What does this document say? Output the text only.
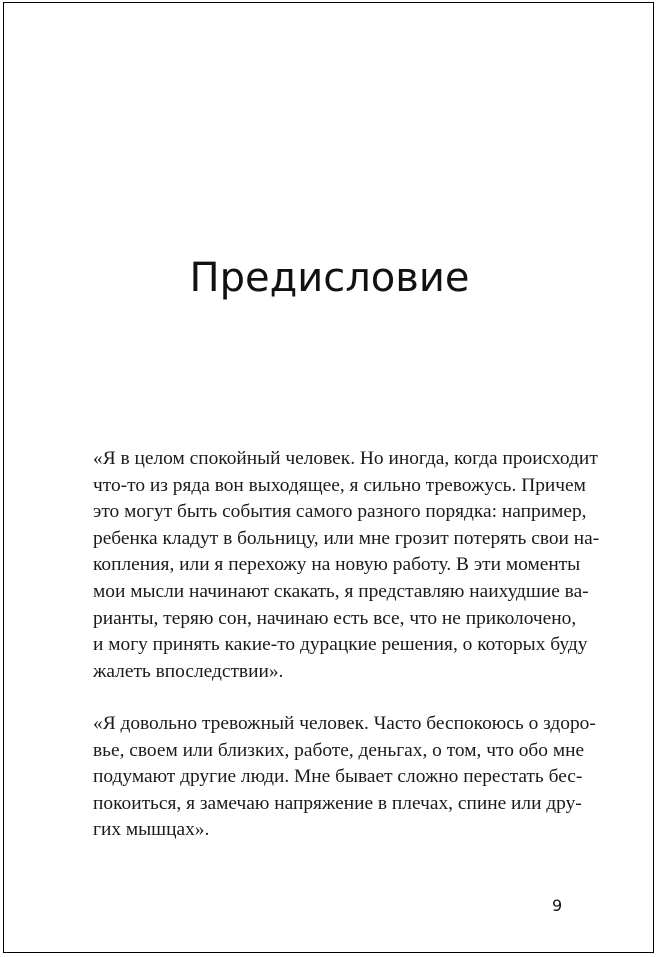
Предисловие
«Я в целом спокойный человек. Но иногда, когда происходит
что-то из ряда вон выходящее, я сильно тревожусь. Причем
это могут быть события самого разного порядка: например,
ребенка кладут в больницу, или мне грозит потерять свои на-
копления, или я перехожу на новую работу. В эти моменты
мои мысли начинают скакать, я представляю наихудшие ва-
рианты, теряю сон, начинаю есть все, что не приколочено,
и могу принять какие-то дурацкие решения, о которых буду
жалеть впоследствии».
«Я довольно тревожный человек. Часто беспокоюсь о здоро-
вье, своем или близких, работе, деньгах, о том, что обо мне
подумают другие люди. Мне бывает сложно перестать бес-
покоиться, я замечаю напряжение в плечах, спине или дру-
гих мышцах».
9
